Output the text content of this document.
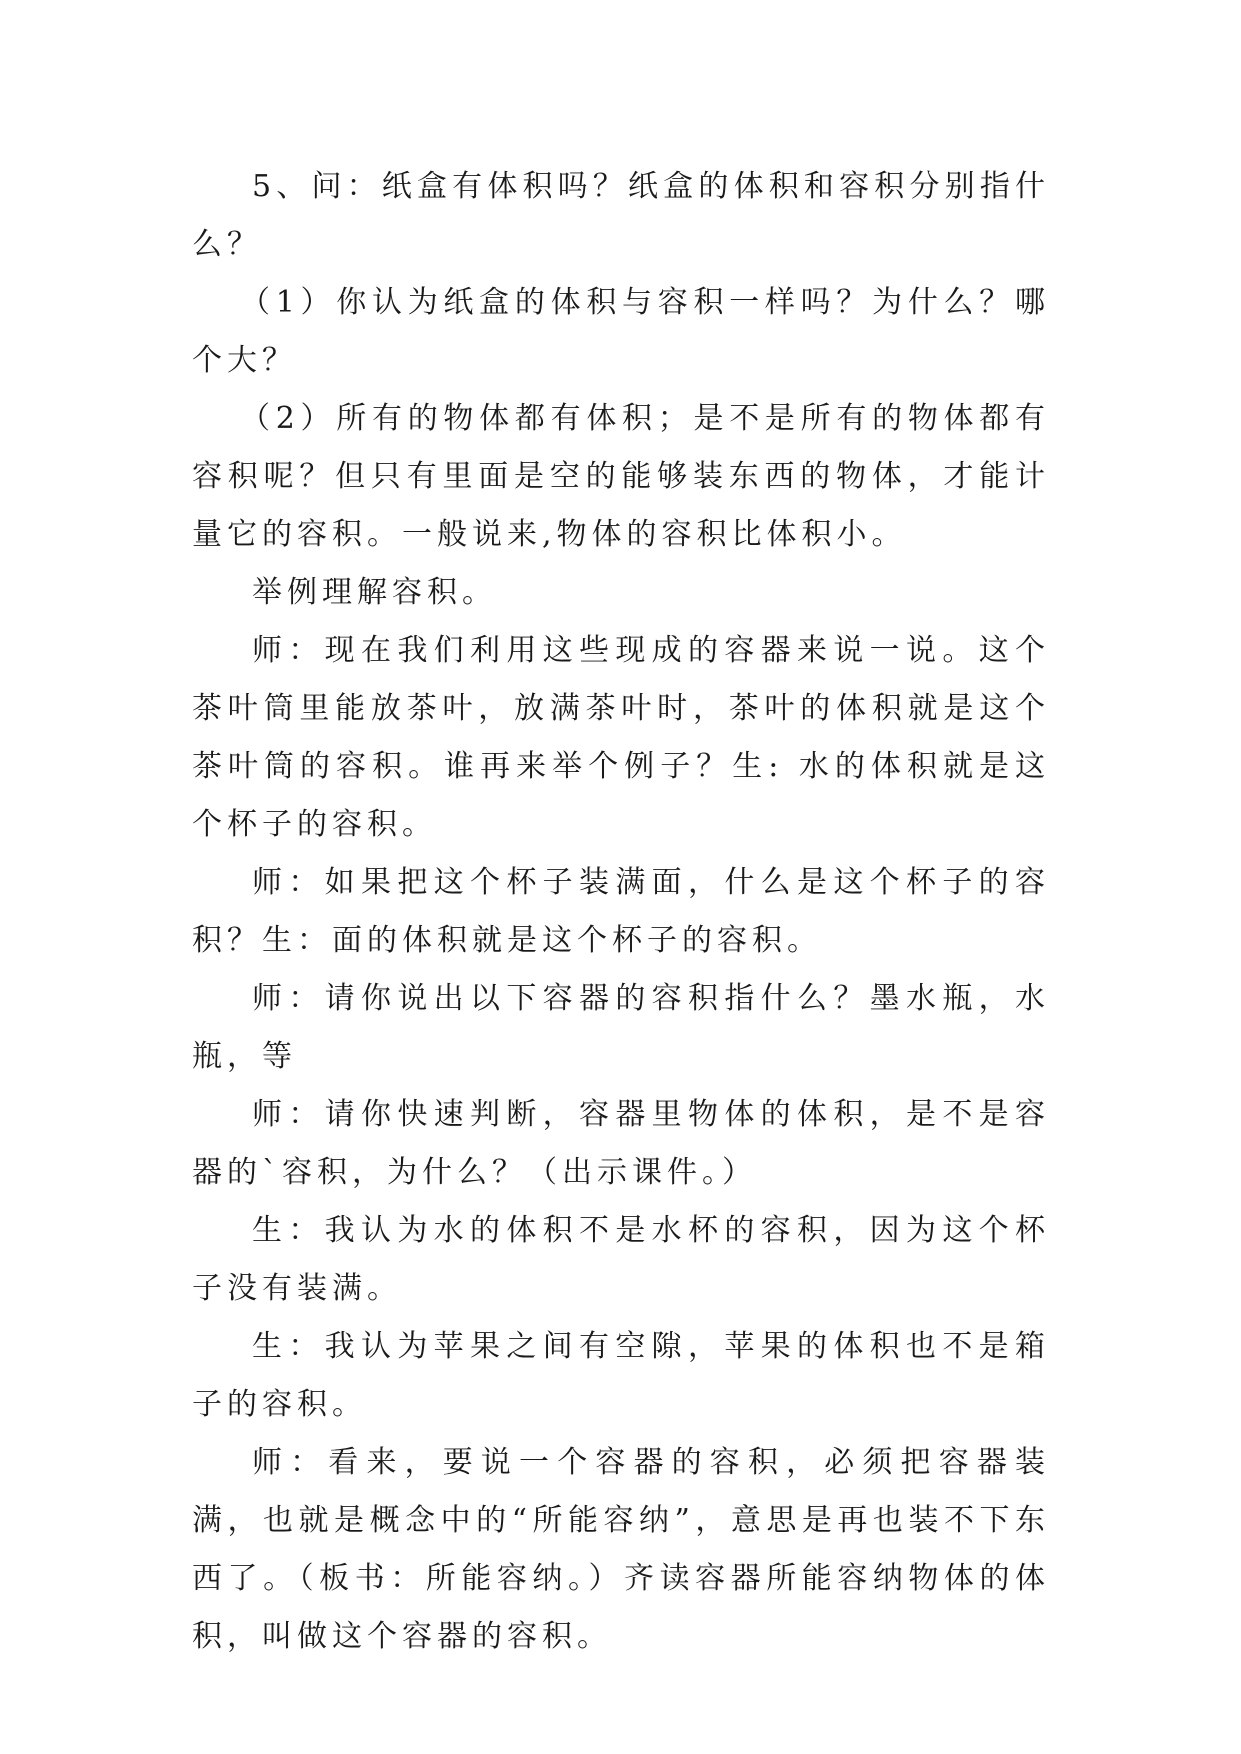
5、问：纸盒有体积吗？纸盒的体积和容积分别指什么？

（1）你认为纸盒的体积与容积一样吗？为什么？哪个大？

（2）所有的物体都有体积；是不是所有的物体都有容积呢？但只有里面是空的能够装东西的物体，才能计量它的容积。一般说来,物体的容积比体积小。

举例理解容积。

师：现在我们利用这些现成的容器来说一说。这个茶叶筒里能放茶叶，放满茶叶时，茶叶的体积就是这个茶叶筒的容积。谁再来举个例子？生: 水的体积就是这个杯子的容积。

师：如果把这个杯子装满面，什么是这个杯子的容积？生：面的体积就是这个杯子的容积。

师：请你说出以下容器的容积指什么？墨水瓶，水瓶，等

师：请你快速判断，容器里物体的体积，是不是容器的`容积，为什么？（出示课件。）

生：我认为水的体积不是水杯的容积，因为这个杯子没有装满。

生：我认为苹果之间有空隙，苹果的体积也不是箱子的容积。

师：看来，要说一个容器的容积，必须把容器装满，也就是概念中的“所能容纳”，意思是再也装不下东西了。（板书：所能容纳。）齐读容器所能容纳物体的体积，叫做这个容器的容积。
